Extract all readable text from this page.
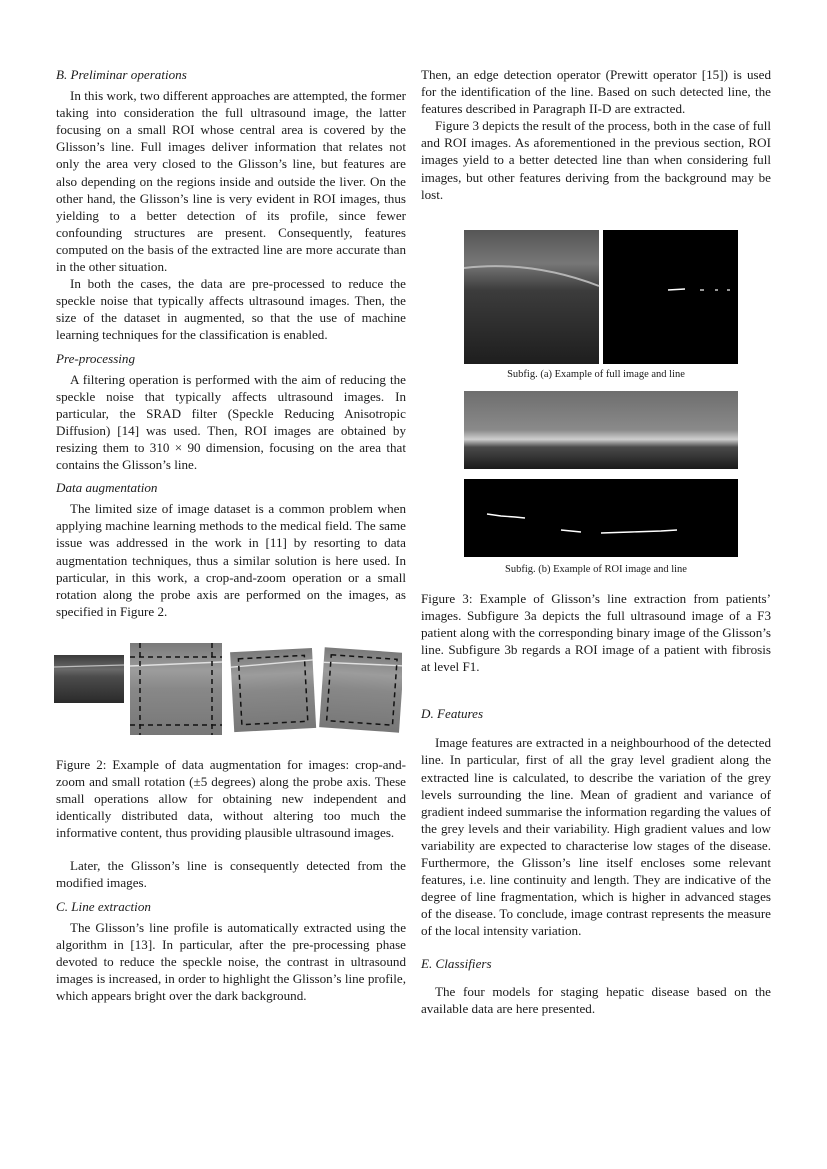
B. Preliminar operations

In this work, two different approaches are attempted, the former taking into consideration the full ultrasound image, the latter focusing on a small ROI whose central area is covered by the Glisson’s line. Full images deliver information that relates not only the area very closed to the Glisson’s line, but features are also depending on the regions inside and outside the liver. On the other hand, the Glisson’s line is very evident in ROI images, thus yielding to a better detection of its profile, since fewer confounding structures are present. Consequently, features computed on the basis of the extracted line are more accurate than in the other situation.

In both the cases, the data are pre-processed to reduce the speckle noise that typically affects ultrasound images. Then, the size of the dataset in augmented, so that the use of machine learning techniques for the classification is enabled.

Pre-processing

A filtering operation is performed with the aim of reducing the speckle noise that typically affects ultrasound images. In particular, the SRAD filter (Speckle Reducing Anisotropic Diffusion) [14] was used. Then, ROI images are obtained by resizing them to 310 × 90 dimension, focusing on the area that contains the Glisson’s line.

Data augmentation

The limited size of image dataset is a common problem when applying machine learning methods to the medical field. The same issue was addressed in the work in [11] by resorting to data augmentation techniques, thus a similar solution is here used. In particular, in this work, a crop-and-zoom operation or a small rotation along the probe axis are performed on the images, as specified in Figure 2.

Figure 2: Example of data augmentation for images: crop-and-zoom and small rotation (±5 degrees) along the probe axis. These small operations allow for obtaining new independent and identically distributed data, without altering too much the informative content, thus providing plausible ultrasound images.

Later, the Glisson’s line is consequently detected from the modified images.

C. Line extraction

The Glisson’s line profile is automatically extracted using the algorithm in [13]. In particular, after the pre-processing phase devoted to reduce the speckle noise, the contrast in ultrasound images is increased, in order to highlight the Glisson’s line profile, which appears bright over the dark background.

Then, an edge detection operator (Prewitt operator [15]) is used for the identification of the line. Based on such detected line, the features described in Paragraph II-D are extracted.

Figure 3 depicts the result of the process, both in the case of full and ROI images. As aforementioned in the previous section, ROI images yield to a better detected line than when considering full images, but other features deriving from the background may be lost.

Subfig. (a) Example of full image and line
Subfig. (b) Example of ROI image and line

Figure 3: Example of Glisson’s line extraction from patients’ images. Subfigure 3a depicts the full ultrasound image of a F3 patient along with the corresponding binary image of the Glisson’s line. Subfigure 3b regards a ROI image of a patient with fibrosis at level F1.

D. Features

Image features are extracted in a neighbourhood of the detected line. In particular, first of all the gray level gradient along the extracted line is calculated, to describe the variation of the grey levels surrounding the line. Mean of gradient and variance of gradient indeed summarise the information regarding the values of the grey levels and their variability. High gradient values and low variability are expected to characterise low stages of the disease. Furthermore, the Glisson’s line itself encloses some relevant features, i.e. line continuity and length. They are indicative of the degree of line fragmentation, which is higher in advanced stages of the disease. To conclude, image contrast represents the measure of the local intensity variation.

E. Classifiers

The four models for staging hepatic disease based on the available data are here presented.
